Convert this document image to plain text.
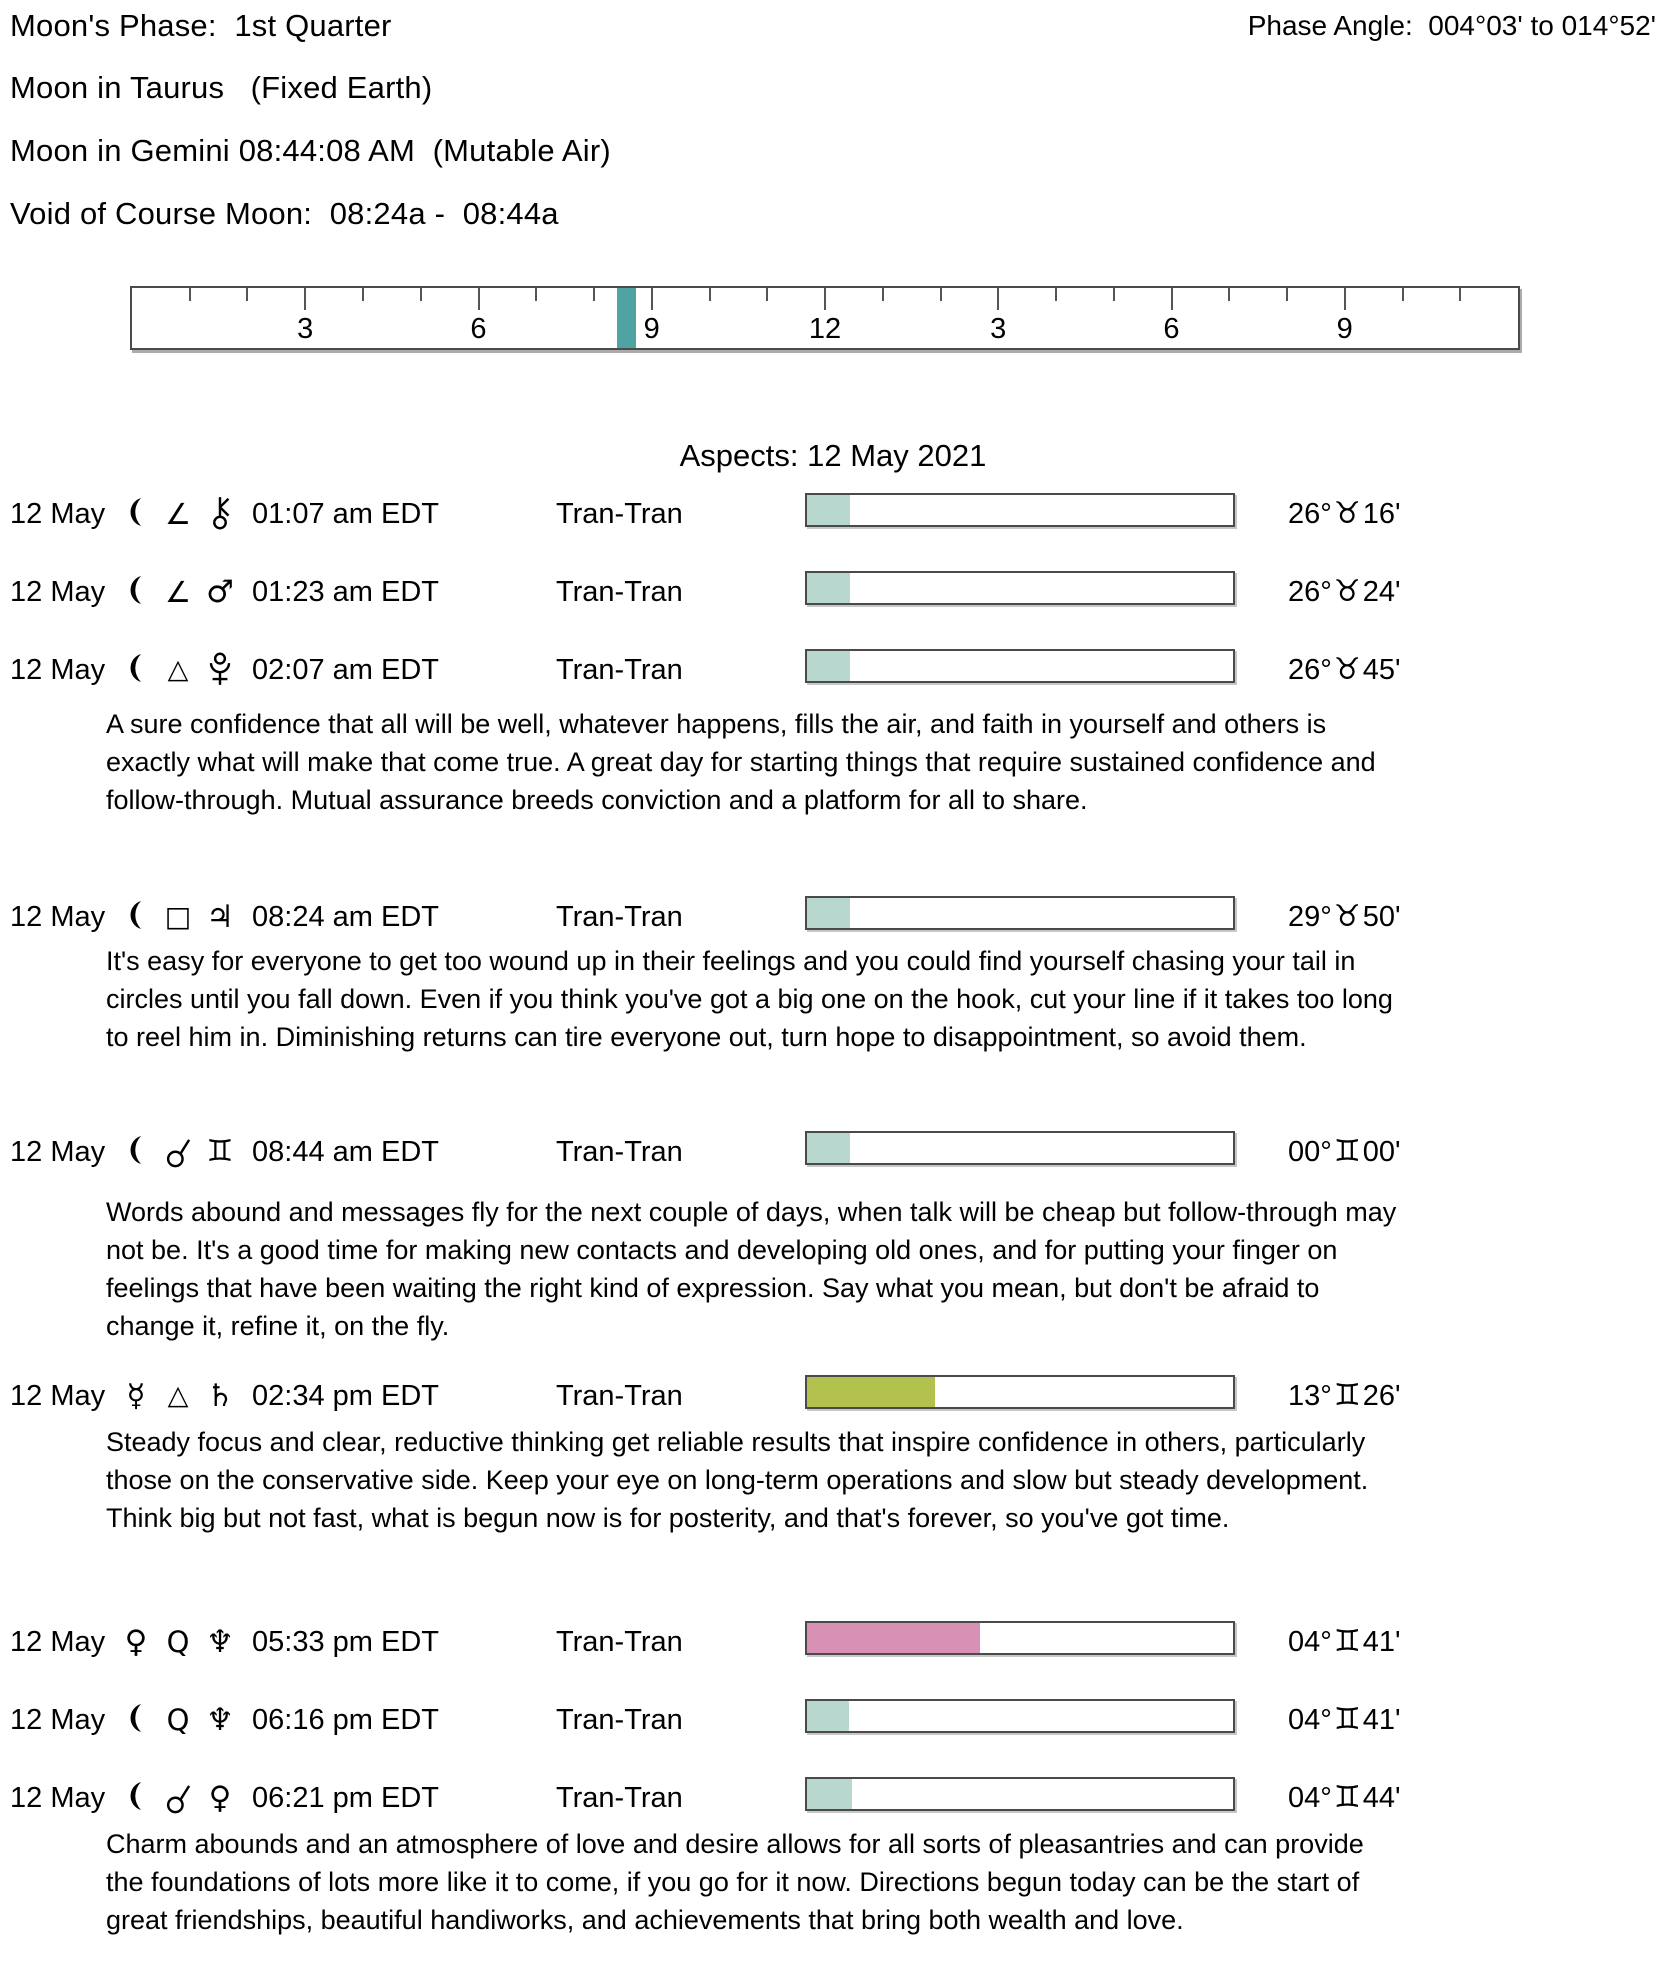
Moon's Phase:  1st Quarter	Phase Angle:  004°03' to 014°52'
Moon in Taurus   (Fixed Earth)
Moon in Gemini 08:44:08 AM  (Mutable Air)
Void of Course Moon:  08:24a -  08:44a
3	6	9	12	3	6	9
Aspects: 12 May 2021
12 May ∠ 01:07 am EDT	Tran-Tran	26°♉16'
12 May ∠ ♂ 01:23 am EDT	Tran-Tran	26°♉24'
12 May △ 02:07 am EDT	Tran-Tran	26°♉45'
A sure confidence that all will be well, whatever happens, fills the air, and faith in yourself and others is exactly what will make that come true. A great day for starting things that require sustained confidence and follow-through. Mutual assurance breeds conviction and a platform for all to share.
12 May □ ♃ 08:24 am EDT	Tran-Tran	29°♉50'
It's easy for everyone to get too wound up in their feelings and you could find yourself chasing your tail in circles until you fall down. Even if you think you've got a big one on the hook, cut your line if it takes too long to reel him in. Diminishing returns can tire everyone out, turn hope to disappointment, so avoid them.
12 May	♊ 08:44 am EDT	Tran-Tran	00°♊00'
Words abound and messages fly for the next couple of days, when talk will be cheap but follow-through may not be. It's a good time for making new contacts and developing old ones, and for putting your finger on feelings that have been waiting the right kind of expression. Say what you mean, but don't be afraid to change it, refine it, on the fly.
12 May ☿ △ ♄ 02:34 pm EDT	Tran-Tran	13°♊26'
Steady focus and clear, reductive thinking get reliable results that inspire confidence in others, particularly those on the conservative side. Keep your eye on long-term operations and slow but steady development. Think big but not fast, what is begun now is for posterity, and that's forever, so you've got time.
12 May ♀ Q ♆ 05:33 pm EDT	Tran-Tran	04°♊41'
12 May Q ♆ 06:16 pm EDT	Tran-Tran	04°♊41'
12 May	♀ 06:21 pm EDT	Tran-Tran	04°♊44'
Charm abounds and an atmosphere of love and desire allows for all sorts of pleasantries and can provide the foundations of lots more like it to come, if you go for it now. Directions begun today can be the start of great friendships, beautiful handiworks, and achievements that bring both wealth and love.
